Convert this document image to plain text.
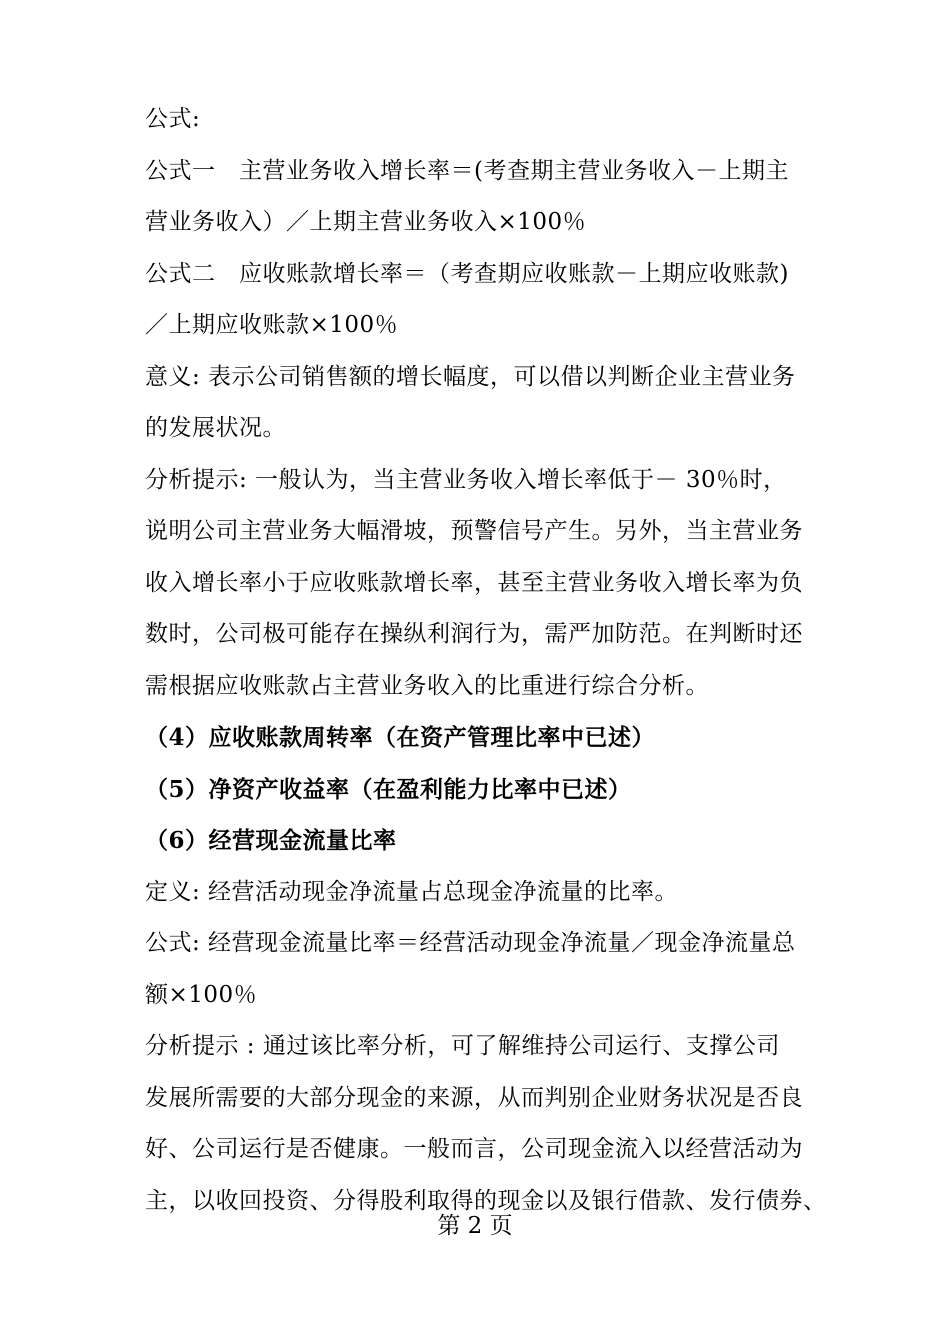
公式:
公式一　主营业务收入增长率＝(考查期主营业务收入－上期主
营业务收入）／上期主营业务收入×100％
公式二　应收账款增长率＝（考查期应收账款－上期应收账款)
／上期应收账款×100％
意义: 表示公司销售额的增长幅度，可以借以判断企业主营业务
的发展状况。
分析提示: 一般认为，当主营业务收入增长率低于－ 30％时，
说明公司主营业务大幅滑坡，预警信号产生。另外，当主营业务
收入增长率小于应收账款增长率，甚至主营业务收入增长率为负
数时，公司极可能存在操纵利润行为，需严加防范。在判断时还
需根据应收账款占主营业务收入的比重进行综合分析。
（4）应收账款周转率（在资产管理比率中已述）
（5）净资产收益率（在盈利能力比率中已述）
（6）经营现金流量比率
定义: 经营活动现金净流量占总现金净流量的比率。
公式: 经营现金流量比率＝经营活动现金净流量／现金净流量总
额×100％
分析提示 : 通过该比率分析，可了解维持公司运行、支撑公司
发展所需要的大部分现金的来源，从而判别企业财务状况是否良
好、公司运行是否健康。一般而言，公司现金流入以经营活动为
主，以收回投资、分得股利取得的现金以及银行借款、发行债券、
第 2 页
